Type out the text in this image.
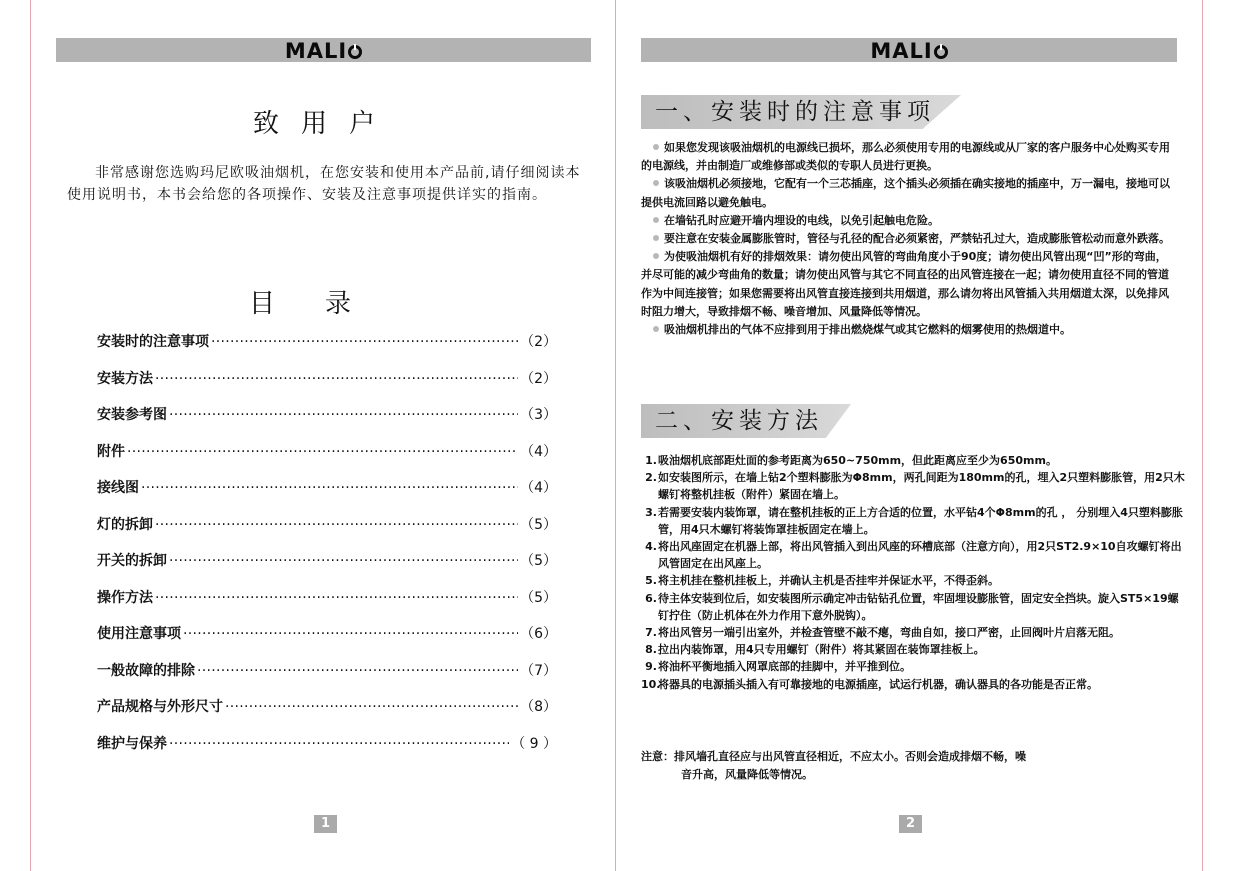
MALI
致用户
非常感谢您选购玛尼欧吸油烟机，在您安装和使用本产品前,请仔细阅读本使用说明书，本书会给您的各项操作、安装及注意事项提供详实的指南。
目录
安装时的注意事项 ·····	（2）
安装方法 ·····	（2）
安装参考图 ·····	（3）
附件 ·····	（4）
接线图 ·····	（4）
灯的拆卸 ·····	（5）
开关的拆卸 ·····	（5）
操作方法 ·····	（5）
使用注意事项 ·····	（6）
一般故障的排除 ·····	（7）
产品规格与外形尺寸 ·····	（8）
维护与保养 ·····	（ 9 ）
1
MALI
一、安装时的注意事项
如果您发现该吸油烟机的电源线已损坏，那么必须使用专用的电源线或从厂家的客户服务中心处购买专用的电源线，并由制造厂或维修部或类似的专职人员进行更换。
该吸油烟机必须接地，它配有一个三芯插座，这个插头必须插在确实接地的插座中，万一漏电，接地可以提供电流回路以避免触电。
在墙钻孔时应避开墙内埋设的电线，以免引起触电危险。
要注意在安装金属膨胀管时，管径与孔径的配合必须紧密，严禁钻孔过大，造成膨胀管松动而意外跌落。
为使吸油烟机有好的排烟效果：请勿使出风管的弯曲角度小于90度；请勿使出风管出现“凹”形的弯曲，并尽可能的减少弯曲角的数量；请勿使出风管与其它不同直径的出风管连接在一起；请勿使用直径不同的管道作为中间连接管；如果您需要将出风管直接连接到共用烟道，那么请勿将出风管插入共用烟道太深，以免排风时阻力增大，导致排烟不畅、噪音增加、风量降低等情况。
吸油烟机排出的气体不应排到用于排出燃烧煤气或其它燃料的烟雾使用的热烟道中。
二、安装方法
1. 吸油烟机底部距灶面的参考距离为650~750mm，但此距离应至少为650mm。
2. 如安装图所示，在墙上钻2个塑料膨胀为Φ8mm，两孔间距为180mm的孔，埋入2只塑料膨胀管，用2只木螺钉将整机挂板（附件）紧固在墙上。
3. 若需要安装内装饰罩，请在整机挂板的正上方合适的位置，水平钻4个Φ8mm的孔 ， 分别埋入4只塑料膨胀管，用4只木螺钉将装饰罩挂板固定在墙上。
4. 将出风座固定在机器上部，将出风管插入到出风座的环槽底部（注意方向），用2只ST2.9×10自攻螺钉将出风管固定在出风座上。
5. 将主机挂在整机挂板上，并确认主机是否挂牢并保证水平，不得歪斜。
6. 待主体安装到位后，如安装图所示确定冲击钻钻孔位置，牢固埋设膨胀管，固定安全挡块。旋入ST5×19螺钉拧住（防止机体在外力作用下意外脱钩）。
7. 将出风管另一端引出室外，并检查管壁不敲不瘪，弯曲自如，接口严密，止回阀叶片启落无阻。
8. 拉出内装饰罩，用4只专用螺钉（附件）将其紧固在装饰罩挂板上。
9. 将油杯平衡地插入网罩底部的挂脚中，并平推到位。
10.
将器具的电源插头插入有可靠接地的电源插座，试运行机器，确认器具的各功能是否正常。
注意：排风墙孔直径应与出风管直径相近，不应太小。否则会造成排烟不畅，噪
音升高，风量降低等情况。
2
